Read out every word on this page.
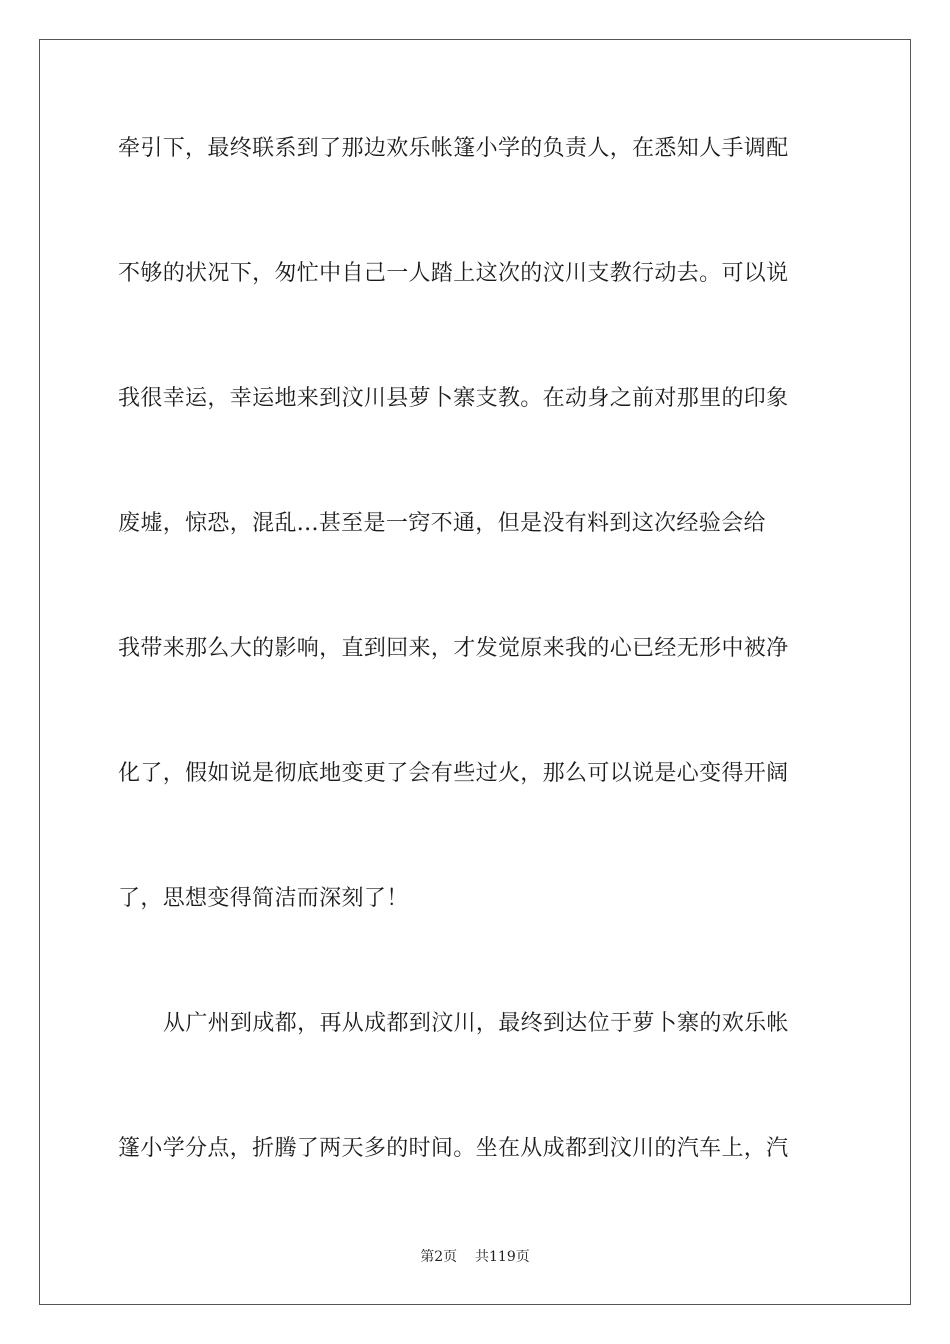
牵引下，最终联系到了那边欢乐帐篷小学的负责人，在悉知人手调配
不够的状况下，匆忙中自己一人踏上这次的汶川支教行动去。可以说
我很幸运，幸运地来到汶川县萝卜寨支教。在动身之前对那里的印象
废墟，惊恐，混乱...甚至是一窍不通，但是没有料到这次经验会给
我带来那么大的影响，直到回来，才发觉原来我的心已经无形中被净
化了，假如说是彻底地变更了会有些过火，那么可以说是心变得开阔
了，思想变得简洁而深刻了！
从广州到成都，再从成都到汶川，最终到达位于萝卜寨的欢乐帐
篷小学分点，折腾了两天多的时间。坐在从成都到汶川的汽车上，汽
第2页 共119页
